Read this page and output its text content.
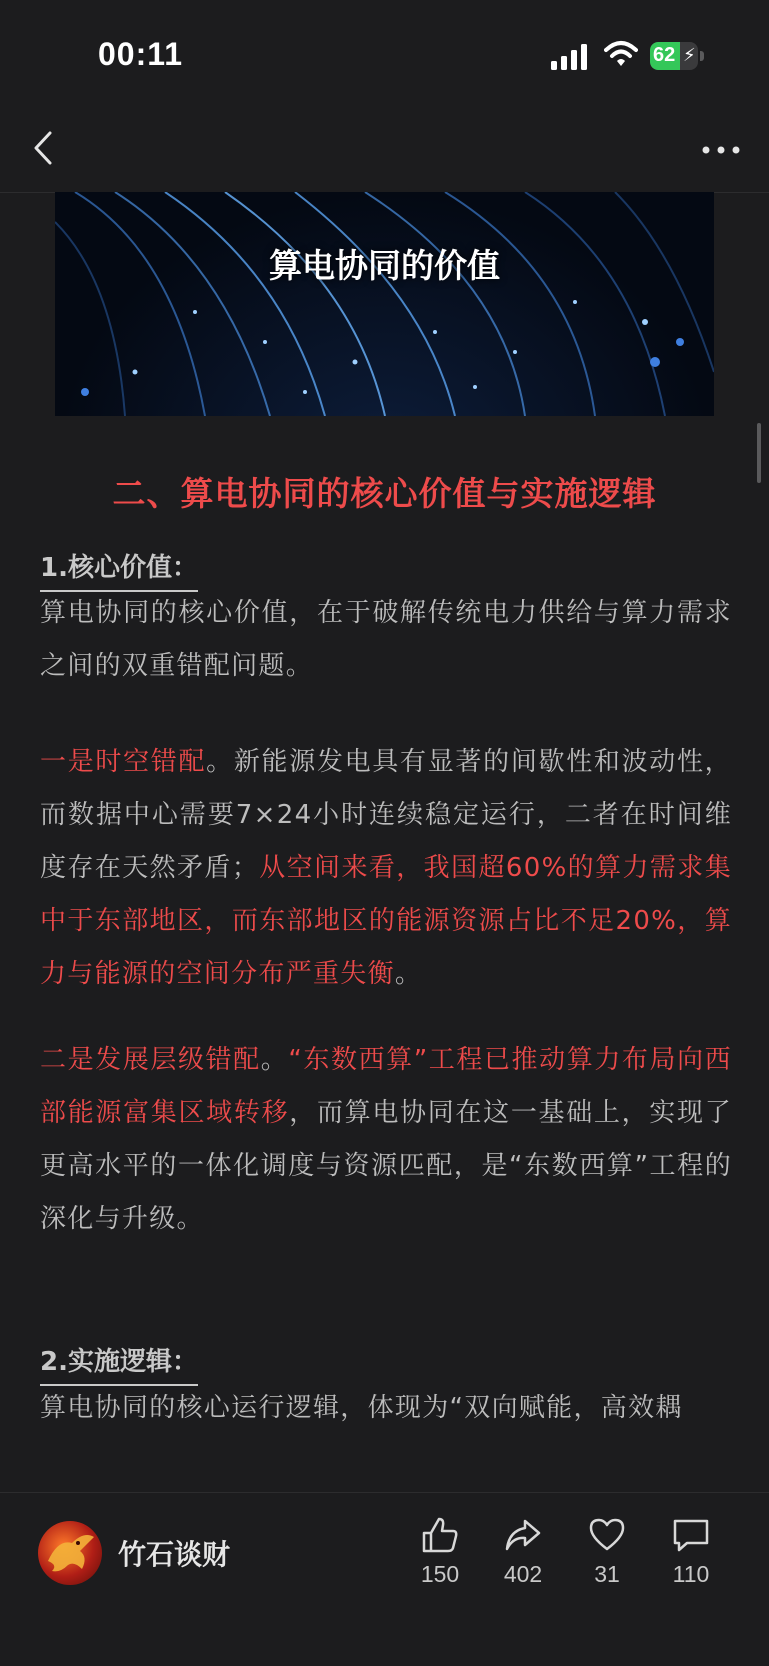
00:11	62 ⚡
算电协同的价值
二、算电协同的核心价值与实施逻辑
1.核心价值：
算电协同的核心价值，在于破解传统电力供给与算力需求之间的双重错配问题。
一是时空错配。新能源发电具有显著的间歇性和波动性，而数据中心需要7×24小时连续稳定运行，二者在时间维度存在天然矛盾；从空间来看，我国超60%的算力需求集中于东部地区，而东部地区的能源资源占比不足20%，算力与能源的空间分布严重失衡。
二是发展层级错配。“东数西算”工程已推动算力布局向西部能源富集区域转移，而算电协同在这一基础上，实现了更高水平的一体化调度与资源匹配，是“东数西算”工程的深化与升级。
2.实施逻辑：
算电协同的核心运行逻辑，体现为“双向赋能，高效耦
竹石谈财
150	402	31	110
